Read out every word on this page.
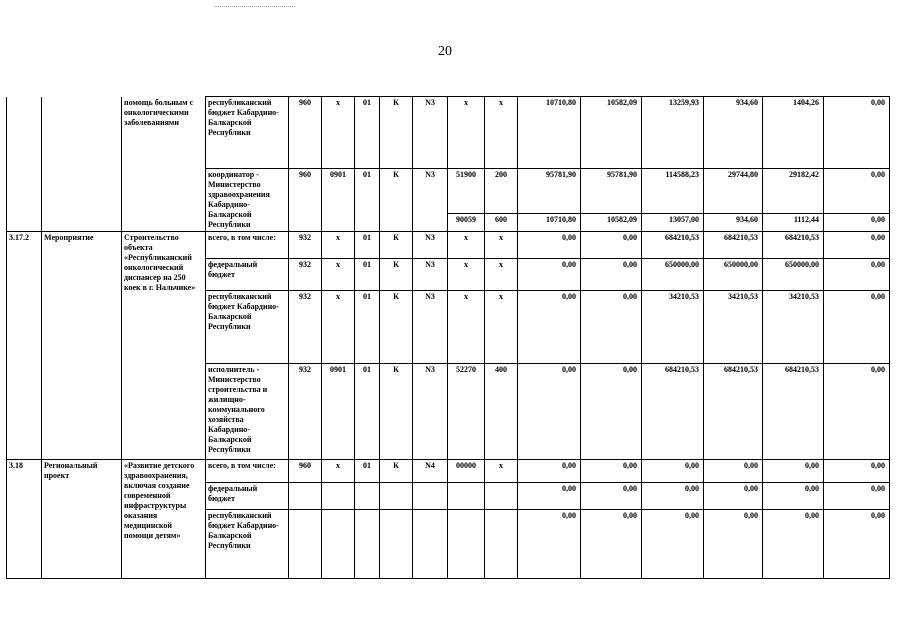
20
		помощь больным с онкологическими заболеваниями	республиканский бюджет Кабардино-Балкарской Республики	960	x	01	К	N3	x	x	10710,80	10582,09	13259,93	934,60	1404,26	0,00
			координатор - Министерство здравоохранения Кабардино-Балкарской Республики	960	0901	01	К	N3	51900	200	95781,90	95781,90	114588,23	29744,80	29182,42	0,00
									90059	600	10710,80	10582,09	13057,00	934,60	1112,44	0,00
3.17.2	Мероприятие	Строительство объекта «Республиканский онкологический диспансер на 250 коек в г. Нальчике»	всего, в том числе:	932	x	01	К	N3	x	x	0,00	0,00	684210,53	684210,53	684210,53	0,00
			федеральный бюджет	932	x	01	К	N3	x	x	0,00	0,00	650000,00	650000,00	650000,00	0,00
			республиканский бюджет Кабардино-Балкарской Республики	932	x	01	К	N3	x	x	0,00	0,00	34210,53	34210,53	34210,53	0,00
			исполнитель - Министерство строительства и жилищно-коммунального хозяйства Кабардино-Балкарской Республики	932	0901	01	К	N3	52270	400	0,00	0,00	684210,53	684210,53	684210,53	0,00
3.18	Региональный проект	«Развитие детского здравоохранения, включая создание современной инфраструктуры оказания медицинской помощи детям»	всего, в том числе:	960	x	01	К	N4	00000	x	0,00	0,00	0,00	0,00	0,00	0,00
			федеральный бюджет								0,00	0,00	0,00	0,00	0,00	0,00
			республиканский бюджет Кабардино-Балкарской Республики								0,00	0,00	0,00	0,00	0,00	0,00
